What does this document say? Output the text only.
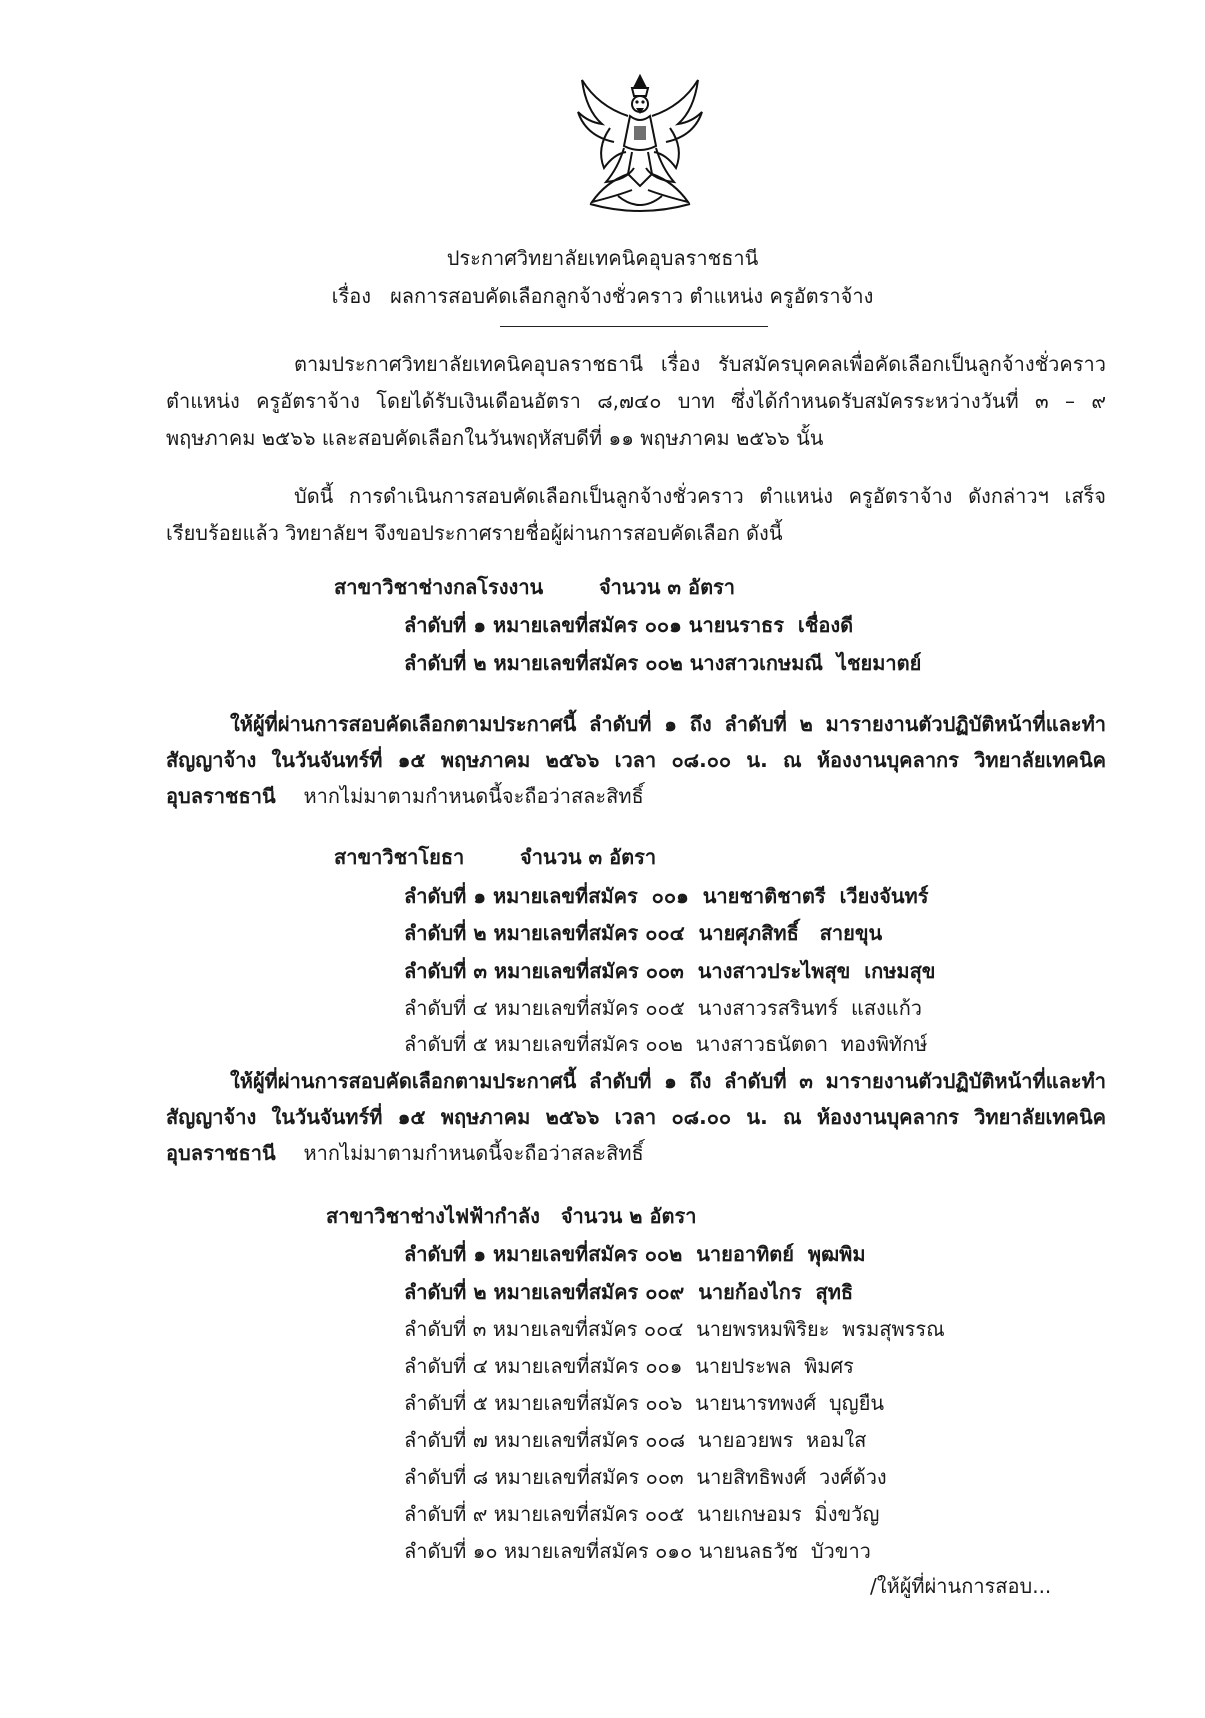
ประกาศวิทยาลัยเทคนิคอุบลราชธานี
เรื่อง ผลการสอบคัดเลือกลูกจ้างชั่วคราว ตำแหน่ง ครูอัตราจ้าง
ตามประกาศวิทยาลัยเทคนิคอุบลราชธานี เรื่อง รับสมัครบุคคลเพื่อคัดเลือกเป็นลูกจ้างชั่วคราว ตำแหน่ง ครูอัตราจ้าง โดยได้รับเงินเดือนอัตรา ๘,๗๔๐ บาท ซึ่งได้กำหนดรับสมัครระหว่างวันที่ ๓ – ๙ พฤษภาคม ๒๕๖๖ และสอบคัดเลือกในวันพฤหัสบดีที่ ๑๑ พฤษภาคม ๒๕๖๖ นั้น
บัดนี้ การดำเนินการสอบคัดเลือกเป็นลูกจ้างชั่วคราว ตำแหน่ง ครูอัตราจ้าง ดังกล่าวฯ เสร็จเรียบร้อยแล้ว วิทยาลัยฯ จึงขอประกาศรายชื่อผู้ผ่านการสอบคัดเลือก ดังนี้
สาขาวิชาช่างกลโรงงาน	จำนวน ๓ อัตรา
ลำดับที่ ๑ หมายเลขที่สมัคร ๐๐๑ นายนราธร  เชื่องดี
ลำดับที่ ๒ หมายเลขที่สมัคร ๐๐๒ นางสาวเกษมณี  ไชยมาตย์
ให้ผู้ที่ผ่านการสอบคัดเลือกตามประกาศนี้ ลำดับที่ ๑ ถึง ลำดับที่ ๒ มารายงานตัวปฏิบัติหน้าที่และทำสัญญาจ้าง ในวันจันทร์ที่ ๑๕ พฤษภาคม ๒๕๖๖ เวลา ๐๘.๐๐ น. ณ ห้องงานบุคลากร วิทยาลัยเทคนิคอุบลราชธานี หากไม่มาตามกำหนดนี้จะถือว่าสละสิทธิ์
สาขาวิชาโยธา	จำนวน ๓ อัตรา
ลำดับที่ ๑ หมายเลขที่สมัคร  ๐๐๑  นายชาติชาตรี  เวียงจันทร์
ลำดับที่ ๒ หมายเลขที่สมัคร ๐๐๔  นายศุภสิทธิ์   สายขุน
ลำดับที่ ๓ หมายเลขที่สมัคร ๐๐๓  นางสาวประไพสุข  เกษมสุข
ลำดับที่ ๔ หมายเลขที่สมัคร ๐๐๕  นางสาวรสรินทร์  แสงแก้ว
ลำดับที่ ๕ หมายเลขที่สมัคร ๐๐๒  นางสาวธนัตดา  ทองพิทักษ์
ให้ผู้ที่ผ่านการสอบคัดเลือกตามประกาศนี้ ลำดับที่ ๑ ถึง ลำดับที่ ๓ มารายงานตัวปฏิบัติหน้าที่และทำสัญญาจ้าง ในวันจันทร์ที่ ๑๕ พฤษภาคม ๒๕๖๖ เวลา ๐๘.๐๐ น. ณ ห้องงานบุคลากร วิทยาลัยเทคนิคอุบลราชธานี หากไม่มาตามกำหนดนี้จะถือว่าสละสิทธิ์
สาขาวิชาช่างไฟฟ้ากำลัง จำนวน ๒ อัตรา
ลำดับที่ ๑ หมายเลขที่สมัคร ๐๐๒  นายอาทิตย์  พุฒพิม
ลำดับที่ ๒ หมายเลขที่สมัคร ๐๐๙  นายก้องไกร  สุทธิ
ลำดับที่ ๓ หมายเลขที่สมัคร ๐๐๔  นายพรหมพิริยะ  พรมสุพรรณ
ลำดับที่ ๔ หมายเลขที่สมัคร ๐๐๑  นายประพล  พิมศร
ลำดับที่ ๕ หมายเลขที่สมัคร ๐๐๖  นายนารทพงศ์  บุญยืน
ลำดับที่ ๗ หมายเลขที่สมัคร ๐๐๘  นายอวยพร  หอมใส
ลำดับที่ ๘ หมายเลขที่สมัคร ๐๐๓  นายสิทธิพงศ์  วงศ์ด้วง
ลำดับที่ ๙ หมายเลขที่สมัคร ๐๐๕  นายเกษอมร  มิ่งขวัญ
ลำดับที่ ๑๐ หมายเลขที่สมัคร ๐๑๐ นายนลธวัช  บัวขาว
/ให้ผู้ที่ผ่านการสอบ...
